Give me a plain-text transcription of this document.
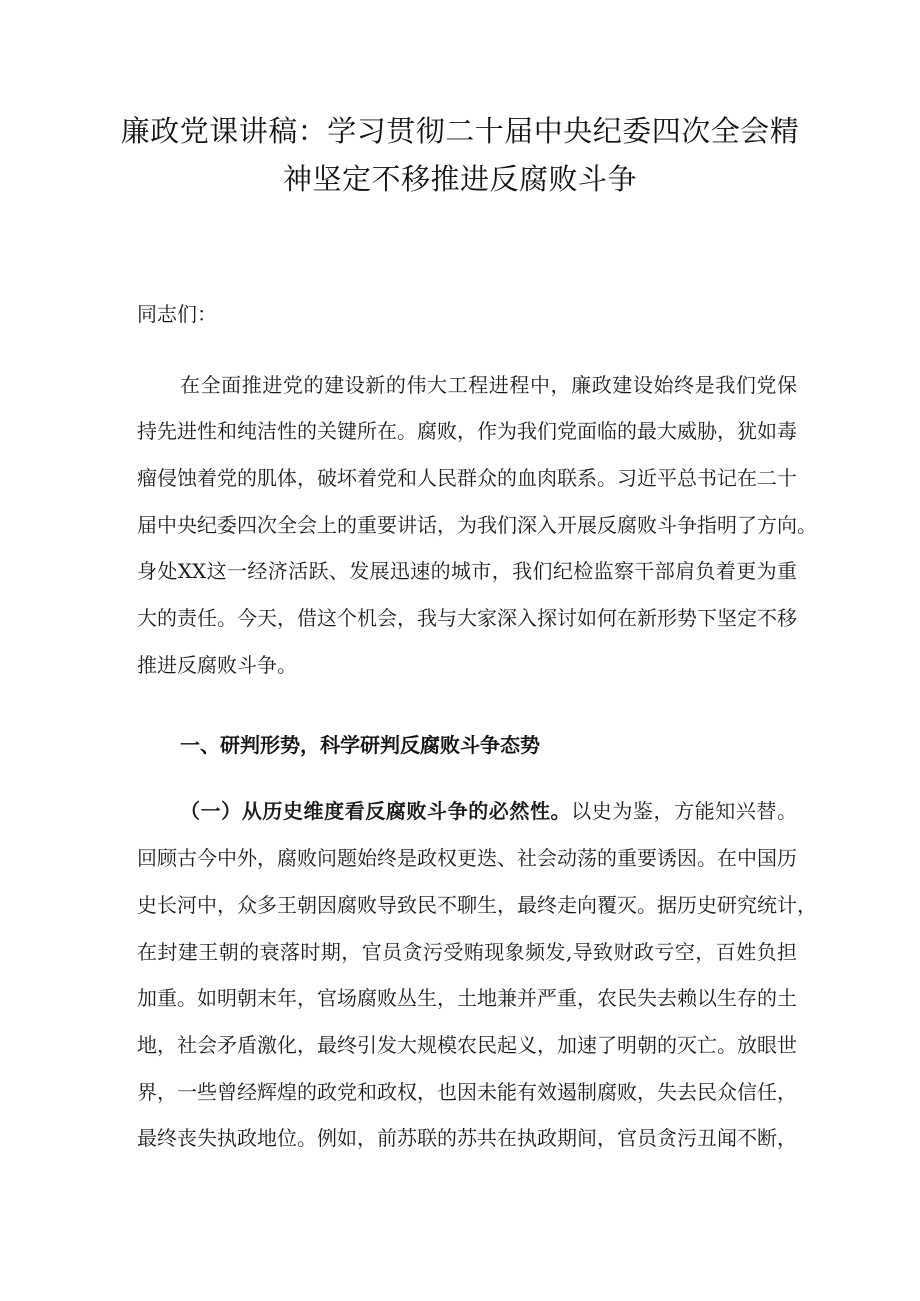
廉政党课讲稿：学习贯彻二十届中央纪委四次全会精
神坚定不移推进反腐败斗争
同志们：
在全面推进党的建设新的伟大工程进程中，廉政建设始终是我们党保
持先进性和纯洁性的关键所在。腐败，作为我们党面临的最大威胁，犹如毒
瘤侵蚀着党的肌体，破坏着党和人民群众的血肉联系。习近平总书记在二十
届中央纪委四次全会上的重要讲话，为我们深入开展反腐败斗争指明了方向。
身处XX这一经济活跃、发展迅速的城市，我们纪检监察干部肩负着更为重
大的责任。今天，借这个机会，我与大家深入探讨如何在新形势下坚定不移
推进反腐败斗争。
一、研判形势，科学研判反腐败斗争态势
（一）从历史维度看反腐败斗争的必然性。以史为鉴，方能知兴替。
回顾古今中外，腐败问题始终是政权更迭、社会动荡的重要诱因。在中国历
史长河中，众多王朝因腐败导致民不聊生，最终走向覆灭。据历史研究统计，
在封建王朝的衰落时期，官员贪污受贿现象频发,导致财政亏空，百姓负担
加重。如明朝末年，官场腐败丛生，土地兼并严重，农民失去赖以生存的土
地，社会矛盾激化，最终引发大规模农民起义，加速了明朝的灭亡。放眼世
界，一些曾经辉煌的政党和政权，也因未能有效遏制腐败，失去民众信任，
最终丧失执政地位。例如，前苏联的苏共在执政期间，官员贪污丑闻不断，
